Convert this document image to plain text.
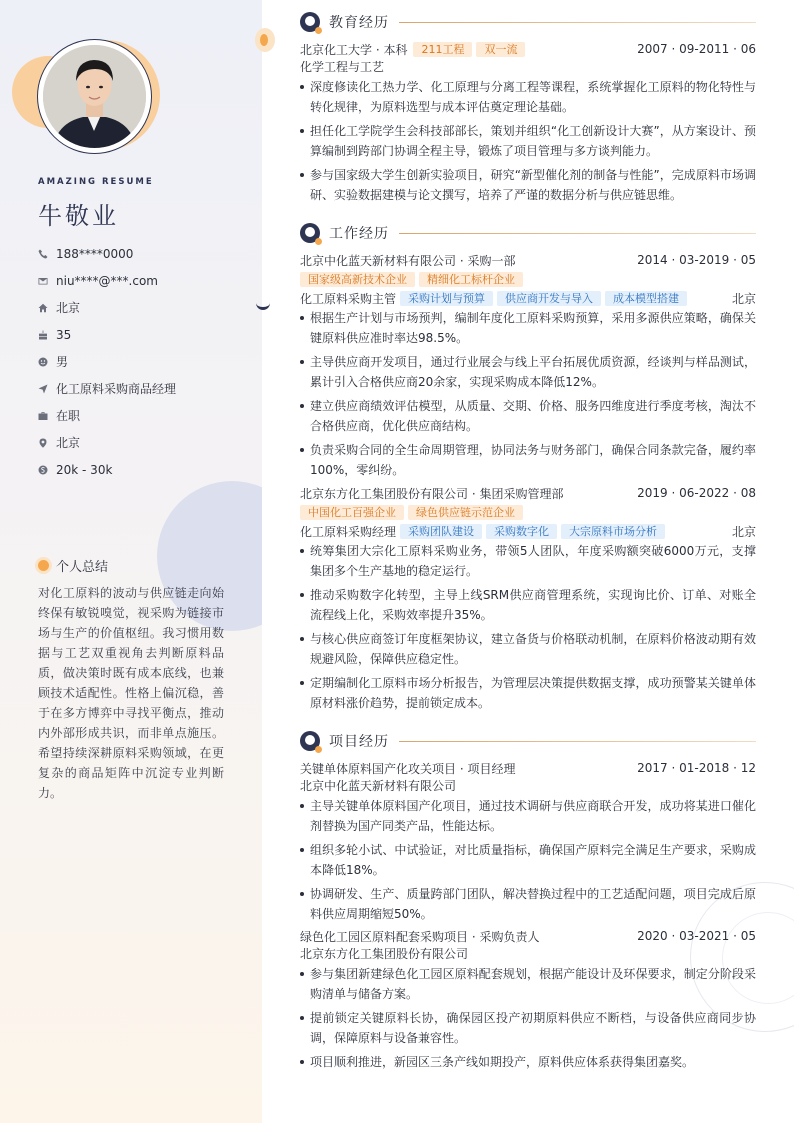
AMAZING RESUME
牛敬业
188****0000
niu****@***.com
北京
35
男
化工原料采购商品经理
在职
北京
20k - 30k
个人总结
对化工原料的波动与供应链走向始终保有敏锐嗅觉，视采购为链接市场与生产的价值枢纽。我习惯用数据与工艺双重视角去判断原料品质，做决策时既有成本底线，也兼顾技术适配性。性格上偏沉稳，善于在多方博弈中寻找平衡点，推动内外部形成共识，而非单点施压。希望持续深耕原料采购领域，在更复杂的商品矩阵中沉淀专业判断力。
教育经历
北京化工大学 · 本科	211工程	双一流	2007 · 09-2011 · 06
化学工程与工艺
深度修读化工热力学、化工原理与分离工程等课程，系统掌握化工原料的物化特性与转化规律，为原料选型与成本评估奠定理论基础。
担任化工学院学生会科技部部长，策划并组织“化工创新设计大赛”，从方案设计、预算编制到跨部门协调全程主导，锻炼了项目管理与多方谈判能力。
参与国家级大学生创新实验项目，研究“新型催化剂的制备与性能”，完成原料市场调研、实验数据建模与论文撰写，培养了严谨的数据分析与供应链思维。
工作经历
北京中化蓝天新材料有限公司 · 采购一部	2014 · 03-2019 · 05
国家级高新技术企业	精细化工标杆企业
化工原料采购主管	采购计划与预算	供应商开发与导入	成本模型搭建	北京
根据生产计划与市场预判，编制年度化工原料采购预算，采用多源供应策略，确保关键原料供应准时率达98.5%。
主导供应商开发项目，通过行业展会与线上平台拓展优质资源，经谈判与样品测试，累计引入合格供应商20余家，实现采购成本降低12%。
建立供应商绩效评估模型，从质量、交期、价格、服务四维度进行季度考核，淘汰不合格供应商，优化供应商结构。
负责采购合同的全生命周期管理，协同法务与财务部门，确保合同条款完备，履约率100%，零纠纷。
北京东方化工集团股份有限公司 · 集团采购管理部	2019 · 06-2022 · 08
中国化工百强企业	绿色供应链示范企业
化工原料采购经理	采购团队建设	采购数字化	大宗原料市场分析	北京
统筹集团大宗化工原料采购业务，带领5人团队，年度采购额突破6000万元，支撑集团多个生产基地的稳定运行。
推动采购数字化转型，主导上线SRM供应商管理系统，实现询比价、订单、对账全流程线上化，采购效率提升35%。
与核心供应商签订年度框架协议，建立备货与价格联动机制，在原料价格波动期有效规避风险，保障供应稳定性。
定期编制化工原料市场分析报告，为管理层决策提供数据支撑，成功预警某关键单体原材料涨价趋势，提前锁定成本。
项目经历
关键单体原料国产化攻关项目 · 项目经理	2017 · 01-2018 · 12
北京中化蓝天新材料有限公司
主导关键单体原料国产化项目，通过技术调研与供应商联合开发，成功将某进口催化剂替换为国产同类产品，性能达标。
组织多轮小试、中试验证，对比质量指标，确保国产原料完全满足生产要求，采购成本降低18%。
协调研发、生产、质量跨部门团队，解决替换过程中的工艺适配问题，项目完成后原料供应周期缩短50%。
绿色化工园区原料配套采购项目 · 采购负责人	2020 · 03-2021 · 05
北京东方化工集团股份有限公司
参与集团新建绿色化工园区原料配套规划，根据产能设计及环保要求，制定分阶段采购清单与储备方案。
提前锁定关键原料长协，确保园区投产初期原料供应不断档，与设备供应商同步协调，保障原料与设备兼容性。
项目顺利推进，新园区三条产线如期投产，原料供应体系获得集团嘉奖。
